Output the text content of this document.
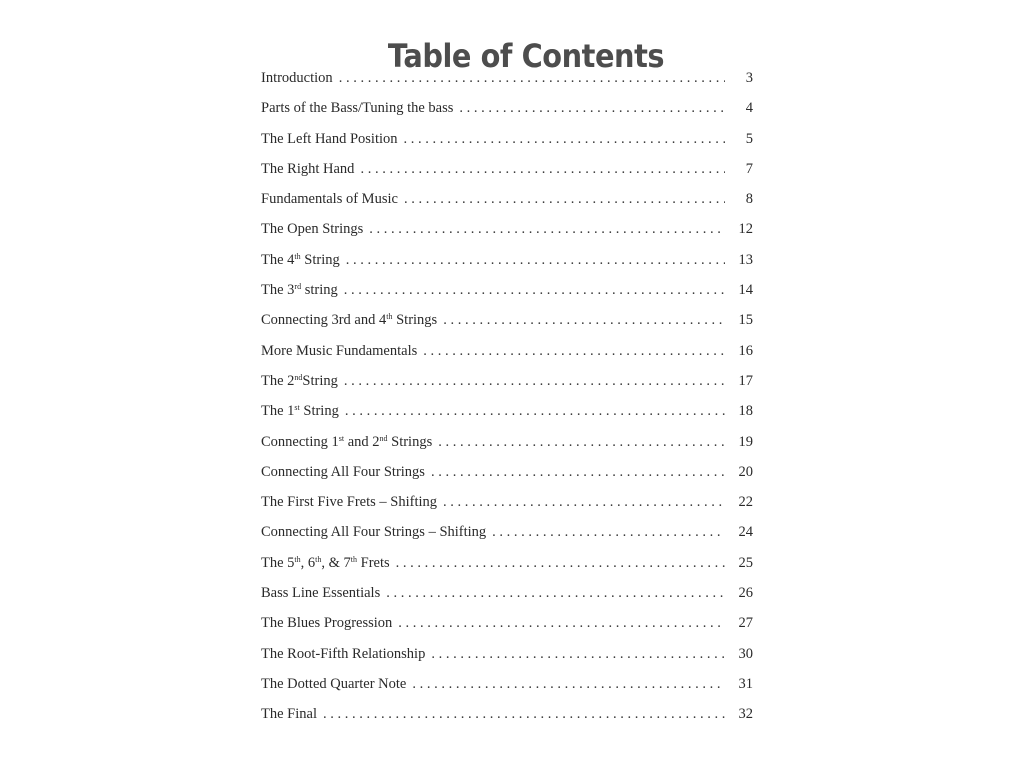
Table of Contents
Introduction . . .	3
Parts of the Bass/Tuning the bass . . .	4
The Left Hand Position . . .	5
The Right Hand . . .	7
Fundamentals of Music . . .	8
The Open Strings . . .	12
The 4th String . . .	13
The 3rd string . . .	14
Connecting 3rd and 4th Strings . . .	15
More Music Fundamentals . . .	16
The 2ndString . . .	17
The 1st String . . .	18
Connecting 1st and 2nd Strings . . .	19
Connecting All Four Strings . . .	20
The First Five Frets – Shifting . . .	22
Connecting All Four Strings – Shifting . . .	24
The 5th, 6th, & 7th Frets . . .	25
Bass Line Essentials . . .	26
The Blues Progression . . .	27
The Root-Fifth Relationship . . .	30
The Dotted Quarter Note . . .	31
The Final . . .	32
